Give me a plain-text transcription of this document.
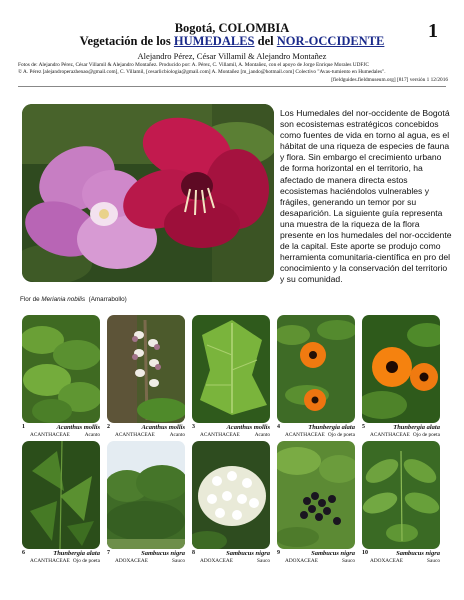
Bogotá, COLOMBIA
Vegetación de los HUMEDALES del NOR-OCCIDENTE	1
Alejandro Pérez, César Villamil & Alejandro Montañez
Fotos de: Alejandro Pérez, César Villamil & Alejandro Montañez. Producido por: A. Pérez, C. Villamil, A. Montañez, con el apoyo de Jorge Enrique Morales UDFJC
© A. Pérez [alejandroperazhenao@gmail.com], C. Villamil, [cesarlicbiologia@gmail.com] A. Montañez [m_jando@hotmail.com] Colectivo "Avas-tumiento en Humedales".
[fieldguides.fieldmuseum.org] [817] versión 1 12/2016

Los Humedales del nor-occidente de Bogotá son ecosistemas estratégicos concebidos como fuentes de vida en torno al agua, es el hábitat de una riqueza de especies de fauna y flora. Sin embargo el crecimiento urbano de forma horizontal en el territorio, ha afectado de manera directa estos ecosistemas haciéndolos vulnerables y frágiles, generando un temor por su desaparición. La siguiente guía representa una muestra de la riqueza de la flora presente en los humedales del nor-occidente de la capital. Este aporte se produjo como herramienta comunitaria-científica en pro del conocimiento y la conservación del territorio y su comunidad.

Flor de Meriania nobilis (Amarrabollo)
1	Acanthus mollis
ACANTHACEAE	Acanto
2	Acanthus mollis
ACANTHACEAE	Acanto
3	Acanthus mollis
ACANTHACEAE	Acanto
4	Thunbergia alata
ACANTHACEAE Ojo de poeta
5	Thunbergia alata
ACANTHACEAE Ojo de poeta
6	Thunbergia alata
ACANTHACEAE Ojo de poeta
7	Sambucus nigra
ADOXACEAE	Sauco
8	Sambucus nigra
ADOXACEAE	Sauco
9	Sambucus nigra
ADOXACEAE	Sauco
10	Sambucus nigra
ADOXACEAE	Sauco
